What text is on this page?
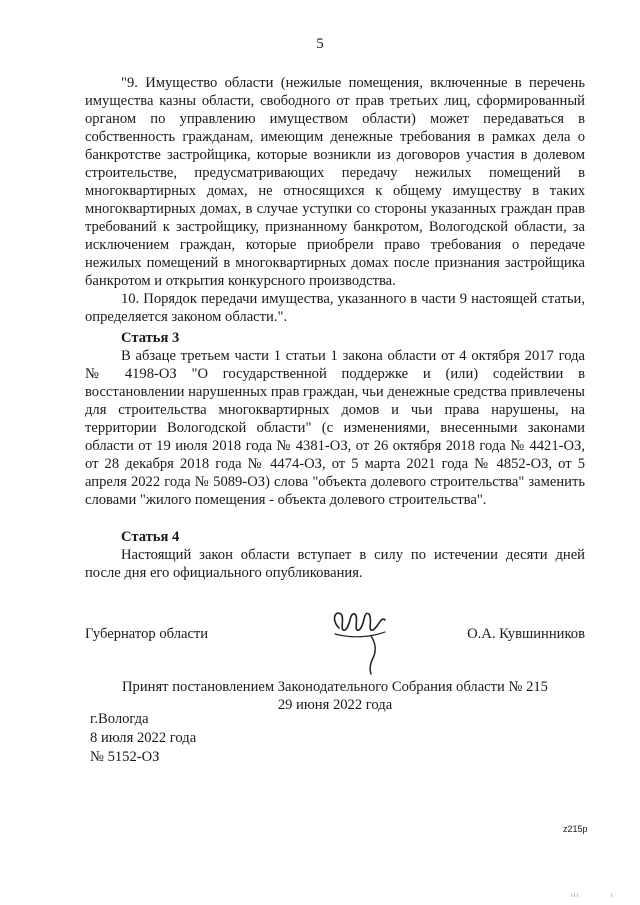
5

"9. Имущество области (нежилые помещения, включенные в перечень имущества казны области, свободного от прав третьих лиц, сформированный органом по управлению имуществом области) может передаваться в собственность гражданам, имеющим денежные требования в рамках дела о банкротстве застройщика, которые возникли из договоров участия в долевом строительстве, предусматривающих передачу нежилых помещений в многоквартирных домах, не относящихся к общему имуществу в таких многоквартирных домах, в случае уступки со стороны указанных граждан прав требований к застройщику, признанному банкротом, Вологодской области, за исключением граждан, которые приобрели право требования о передаче нежилых помещений в многоквартирных домах после признания застройщика банкротом и открытия конкурсного производства.

10. Порядок передачи имущества, указанного в части 9 настоящей статьи, определяется законом области.".

Статья 3

В абзаце третьем части 1 статьи 1 закона области от 4 октября 2017 года № 4198-ОЗ "О государственной поддержке и (или) содействии в восстановлении нарушенных прав граждан, чьи денежные средства привлечены для строительства многоквартирных домов и чьи права нарушены, на территории Вологодской области" (с изменениями, внесенными законами области от 19 июля 2018 года № 4381-ОЗ, от 26 октября 2018 года № 4421-ОЗ, от 28 декабря 2018 года № 4474-ОЗ, от 5 марта 2021 года № 4852-ОЗ, от 5 апреля 2022 года № 5089-ОЗ) слова "объекта долевого строительства" заменить словами "жилого помещения - объекта долевого строительства".

Статья 4

Настоящий закон области вступает в силу по истечении десяти дней после дня его официального опубликования.

Губернатор области	О.А. Кувшинников
Принят постановлением Законодательного Собрания области № 215
29 июня 2022 года
г.Вологда
8 июля 2022 года
№ 5152-ОЗ
z215p
ııı	ı
